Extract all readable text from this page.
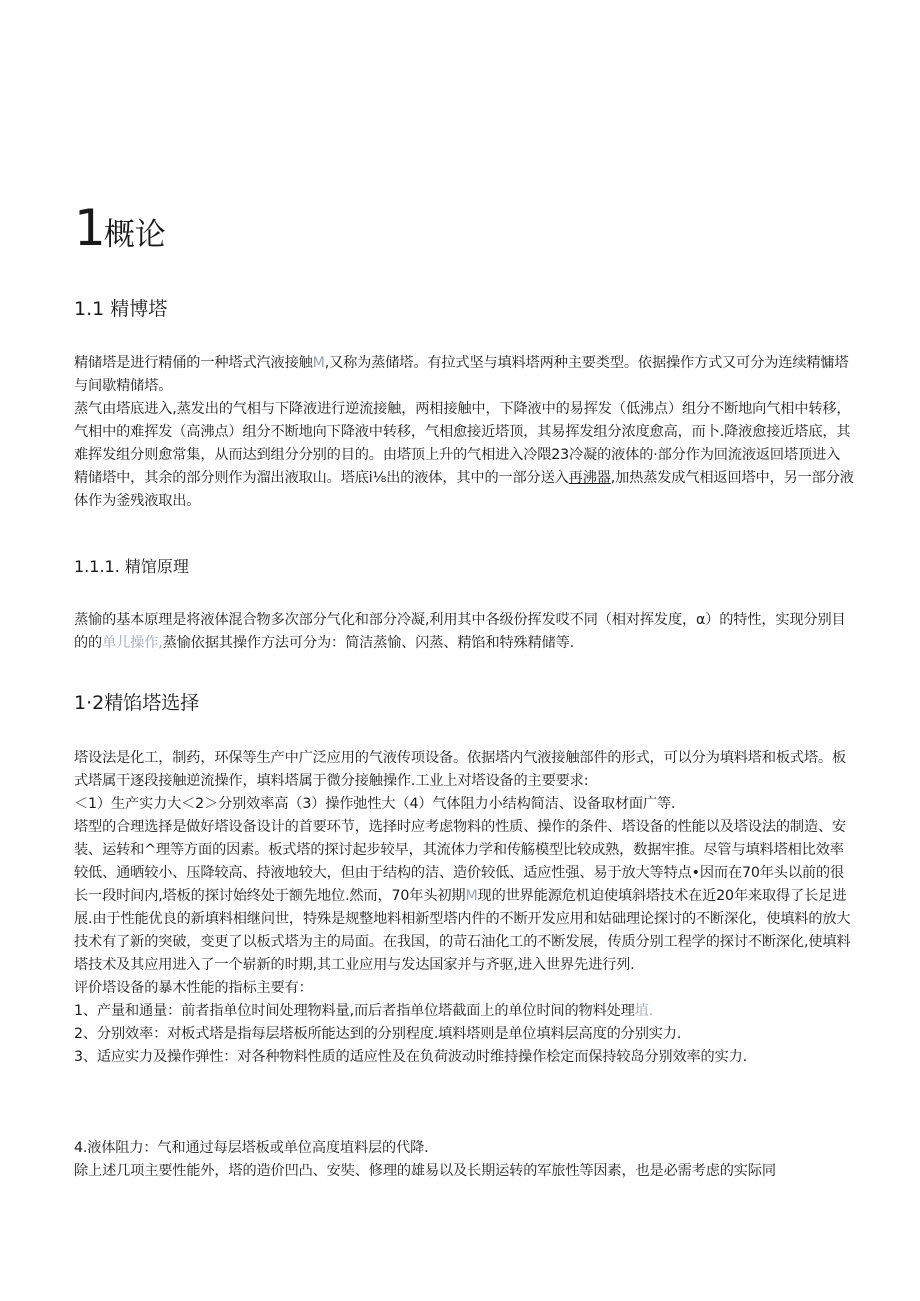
1概论
1.1 精博塔

精储塔是进行精俑的一种塔式汽液接触M,又称为蒸储塔。有拉式坚与填料塔两种主要类型。依据操作方式又可分为连续精慵塔与间歇精储塔。

蒸气由塔底进入,蒸发出的气相与下降液进行逆流接触，两相接触中，下降液中的易挥发（低沸点）组分不断地向气相中转移，气相中的难挥发（高沸点）组分不断地向下降液中转移，气相愈接近塔顶，其易挥发组分浓度愈高，而卜.降液愈接近塔底，其难挥发组分则愈常集，从而达到组分分别的目的。由塔顶上升的气相进入冷隈23冷凝的液体的·部分作为回流液返回塔顶进入精储塔中，其余的部分则作为溜出液取山。塔底i⅛出的液体，其中的一部分送入再沸器,加热蒸发成气相返回塔中，另一部分液体作为釜残液取出。

1.1.1. 精馆原理

蒸愉的基本原理是将液体混合物多次部分气化和部分冷凝,利用其中各级份挥发哎不同（相对挥发度，α）的特性，实现分别目的的单儿操作,蒸愉依据其操作方法可分为：简洁蒸愉、闪蒸、精馅和特殊精储等.

1·2精馅塔选择

塔设法是化工，制药，环保等生产中广泛应用的气液传项设备。依据塔内气液接触部件的形式，可以分为填料塔和板式塔。板式塔属干逐段接触逆流操作，填料塔属于微分接触操作.工业上对塔设备的主要要求:

＜1）生产实力大＜2＞分别效率高（3）操作弛性大（4）气体阻力小结构简洁、设备取材面广等.

塔型的合理选择是做好塔设备设计的首要环节，选择时应考虑物料的性质、操作的条件、塔设备的性能以及塔设法的制造、安装、运转和^理等方面的因素。板式塔的探讨起步较早，其流体力学和传觞模型比较成熟，数据牢推。尽管与填料塔相比效率较低、通晒较小、压降较高、持液地较大，但由于结构的洁、造价较低、适应性强、易于放大等特点•因而在70年头以前的很长一段时间内,塔板的探讨始终处于额先地位.然而，70年头初期M现的世界能源危机迫使填斜塔技术在近20年来取得了长足进展.由于性能优良的新填料相继问世，特殊是规整地料相新型塔内件的不断开发应用和姑础理论探讨的不断深化，使填料的放大技术有了新的突破，变更了以板式塔为主的局面。在我国，的苛石油化工的不断发展，传质分别工程学的探讨不断深化,使填料塔技术及其应用进入了一个崭新的时期,其工业应用与发达国家并与齐驱,进入世界先进行列.

评价塔设备的暴木性能的指标主要有：

1、产量和通量：前者指单位时间处理物料量,而后者指单位塔截面上的单位时间的物料处理埴.

2、分别效率：对板式塔是指每层塔板所能达到的分别程度.填料塔则是单位填料层高度的分别实力.

3、适应实力及操作弹性：对各种物料性质的适应性及在负荷波动时维持操作桧定而保持较岛分别效率的实力.

4.液体阻力：气和通过每层塔板或单位高度埴料层的代降.

除上述几项主要性能外，塔的造价凹凸、安奘、修理的雄易以及长期运转的军旅性等因素，也是必需考虑的实际同
